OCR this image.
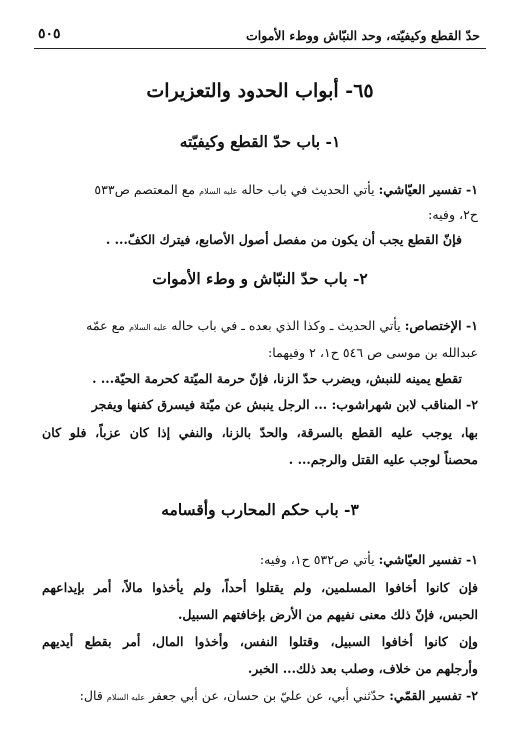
حدّ القطع وكيفيّته، وحد النبّاش ووطء الأموات
٥٠٥
٦٥- أبواب الحدود والتعزيرات
١- باب حدّ القطع وكيفيّته
١- تفسير العيّاشي: يأتي الحديث في باب حاله عليه السلام مع المعتصم ص٥٣٣
ح٢، وفيه:
فإنّ القطع يجب أن يكون من مفصل أصول الأصابع، فيترك الكفّ... .
٢- باب حدّ النبّاش و وطء الأموات
١- الإختصاص: يأتي الحديث ـ وكذا الذي بعده ـ في باب حاله عليه السلام مع عمّه
عبدالله بن موسى ص ٥٤٦ ح١، ٢ وفيهما:
تقطع يمينه للنبش، ويضرب حدّ الزنا، فإنّ حرمة الميّتة كحرمة الحيّة... .
٢- المناقب لابن شهراشوب: ... الرجل ينبش عن ميّتة فيسرق كفنها ويفجر
بها، يوجب عليه القطع بالسرقة، والحدّ بالزنا، والنفي إذا كان عزباً، فلو كان
محصناً لوجب عليه القتل والرجم... .
٣- باب حكم المحارب وأقسامه
١- تفسير العيّاشي: يأتي ص٥٣٢ ح١، وفيه:
فإن كانوا أخافوا المسلمين، ولم يقتلوا أحداً، ولم يأخذوا مالاً، أمر بإيداعهم
الحبس، فإنّ ذلك معنى نفيهم من الأرض بإخافتهم السبيل.
وإن كانوا أخافوا السبيل، وقتلوا النفس، وأخذوا المال، أمر بقطع أيديهم
وأرجلهم من خلاف، وصلب بعد ذلك... الخبر.
٢- تفسير القمّي: حدّثني أبي، عن عليّ بن حسان، عن أبي جعفر عليه السلام قال:
